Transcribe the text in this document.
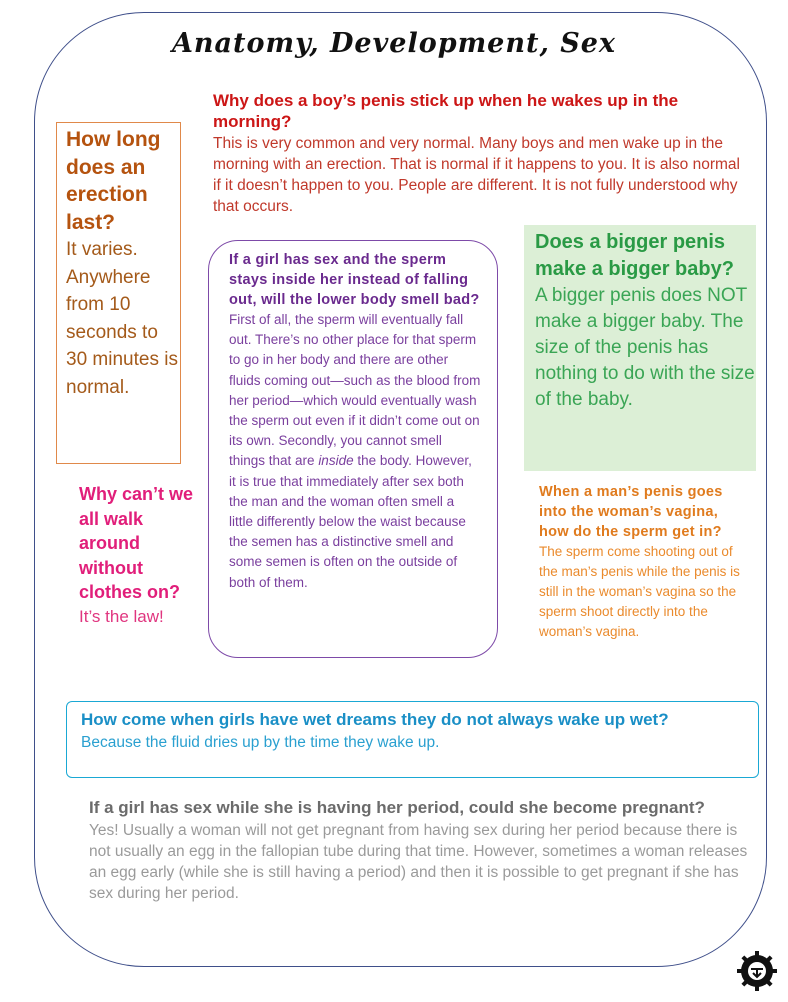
Anatomy, Development, Sex
Why does a boy’s penis stick up when he wakes up in the morning?
This is very common and very normal. Many boys and men wake up in the morning with an erection. That is normal if it happens to you. It is also normal if it doesn’t happen to you. People are different. It is not fully understood why that occurs.
How long does an erection last?
It varies. Anywhere from 10 seconds to 30 minutes is normal.
If a girl has sex and the sperm stays inside her instead of falling out, will the lower body smell bad?
First of all, the sperm will eventually fall out. There’s no other place for that sperm to go in her body and there are other fluids coming out—such as the blood from her period—which would eventually wash the sperm out even if it didn’t come out on its own. Secondly, you cannot smell things that are inside the body. However, it is true that immediately after sex both the man and the woman often smell a little differently below the waist because the semen has a distinctive smell and some semen is often on the outside of both of them.
Does a bigger penis make a bigger baby?
A bigger penis does NOT make a bigger baby. The size of the penis has nothing to do with the size of the baby.
Why can’t we all walk around without clothes on?
It’s the law!
When a man’s penis goes into the woman’s vagina, how do the sperm get in?
The sperm come shooting out of the man’s penis while the penis is still in the woman’s vagina so the sperm shoot directly into the woman’s vagina.
How come when girls have wet dreams they do not always wake up wet?
Because the fluid dries up by the time they wake up.
If a girl has sex while she is having her period, could she become pregnant?
Yes! Usually a woman will not get pregnant from having sex during her period because there is not usually an egg in the fallopian tube during that time. However, sometimes a woman releases an egg early (while she is still having a period) and then it is possible to get pregnant if she has sex during her period.
